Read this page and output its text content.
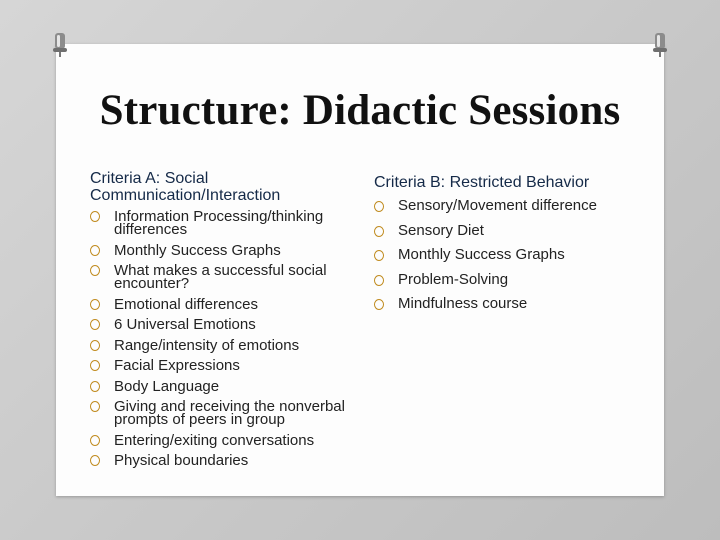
Structure: Didactic Sessions

Criteria A: Social Communication/Interaction

Information Processing/thinking differences
Monthly Success Graphs
What makes a successful social encounter?
Emotional differences
6 Universal Emotions
Range/intensity of emotions
Facial Expressions
Body Language
Giving and receiving the nonverbal prompts of peers in group
Entering/exiting conversations
Physical boundaries

Criteria B: Restricted Behavior

Sensory/Movement difference
Sensory Diet
Monthly Success Graphs
Problem-Solving
Mindfulness course
